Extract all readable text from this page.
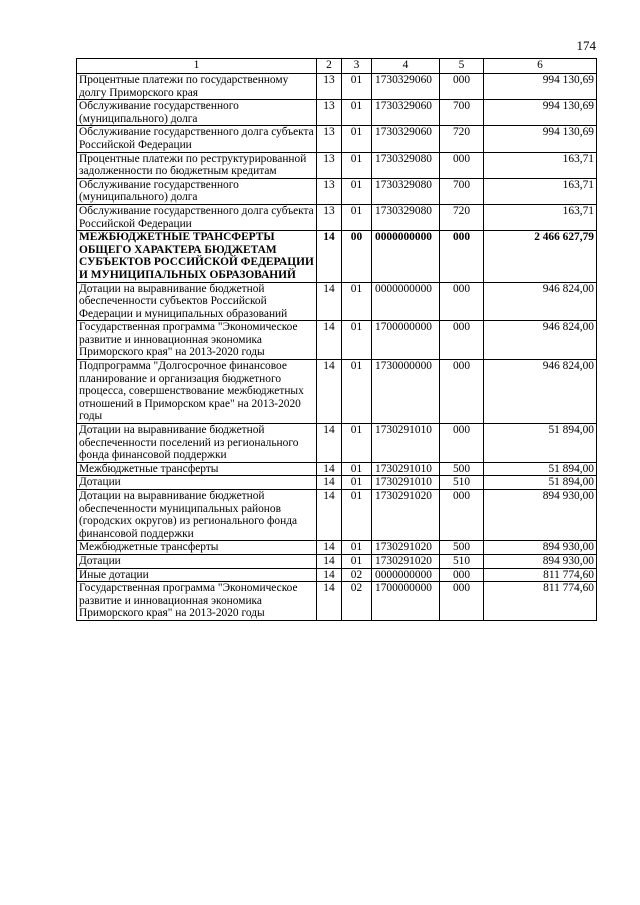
174
1	2	3	4	5	6
Процентные платежи по государственному долгу Приморского края	13	01	1730329060	000	994 130,69
Обслуживание государственного (муниципального) долга	13	01	1730329060	700	994 130,69
Обслуживание государственного долга субъекта Российской Федерации	13	01	1730329060	720	994 130,69
Процентные платежи по реструктурированной задолженности по бюджетным кредитам	13	01	1730329080	000	163,71
Обслуживание государственного (муниципального) долга	13	01	1730329080	700	163,71
Обслуживание государственного долга субъекта Российской Федерации	13	01	1730329080	720	163,71
МЕЖБЮДЖЕТНЫЕ ТРАНСФЕРТЫ ОБЩЕГО ХАРАКТЕРА БЮДЖЕТАМ СУБЪЕКТОВ РОССИЙСКОЙ ФЕДЕРАЦИИ И МУНИЦИПАЛЬНЫХ ОБРАЗОВАНИЙ	14	00	0000000000	000	2 466 627,79
Дотации на выравнивание бюджетной обеспеченности субъектов Российской Федерации и муниципальных образований	14	01	0000000000	000	946 824,00
Государственная программа "Экономическое развитие и инновационная экономика Приморского края" на 2013-2020 годы	14	01	1700000000	000	946 824,00
Подпрограмма "Долгосрочное финансовое планирование и организация бюджетного процесса, совершенствование межбюджетных отношений в Приморском крае" на 2013-2020 годы	14	01	1730000000	000	946 824,00
Дотации на выравнивание бюджетной обеспеченности поселений из регионального фонда финансовой поддержки	14	01	1730291010	000	51 894,00
Межбюджетные трансферты	14	01	1730291010	500	51 894,00
Дотации	14	01	1730291010	510	51 894,00
Дотации на выравнивание бюджетной обеспеченности муниципальных районов (городских округов) из регионального фонда финансовой поддержки	14	01	1730291020	000	894 930,00
Межбюджетные трансферты	14	01	1730291020	500	894 930,00
Дотации	14	01	1730291020	510	894 930,00
Иные дотации	14	02	0000000000	000	811 774,60
Государственная программа "Экономическое развитие и инновационная экономика Приморского края" на 2013-2020 годы	14	02	1700000000	000	811 774,60
